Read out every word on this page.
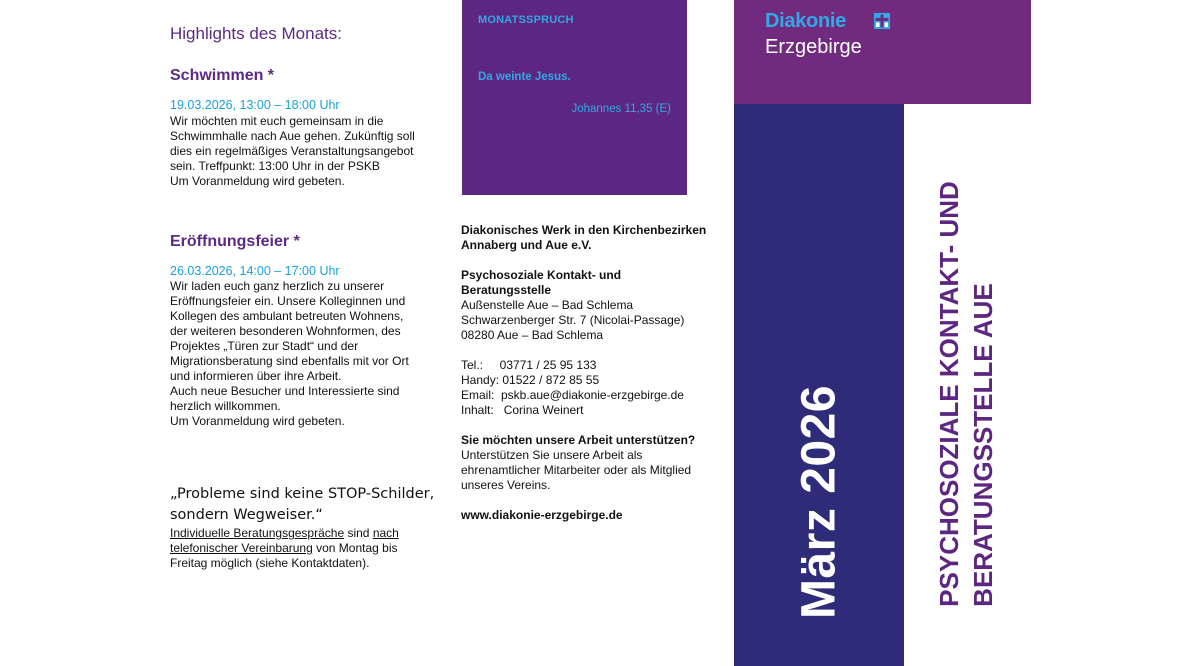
Highlights des Monats:
Schwimmen *
19.03.2026, 13:00 – 18:00 Uhr
Wir möchten mit euch gemeinsam in die
Schwimmhalle nach Aue gehen. Zukünftig soll
dies ein regelmäßiges Veranstaltungsangebot
sein. Treffpunkt: 13:00 Uhr in der PSKB
Um Voranmeldung wird gebeten.
Eröffnungsfeier *
26.03.2026, 14:00 – 17:00 Uhr
Wir laden euch ganz herzlich zu unserer
Eröffnungsfeier ein. Unsere Kolleginnen und
Kollegen des ambulant betreuten Wohnens,
der weiteren besonderen Wohnformen, des
Projektes „Türen zur Stadt“ und der
Migrationsberatung sind ebenfalls mit vor Ort
und informieren über ihre Arbeit.
Auch neue Besucher und Interessierte sind
herzlich willkommen.
Um Voranmeldung wird gebeten.
„Probleme sind keine STOP-Schilder,
sondern Wegweiser.“
Individuelle Beratungsgespräche sind nach
telefonischer Vereinbarung von Montag bis
Freitag möglich (siehe Kontaktdaten).
MONATSSPRUCH
Da weinte Jesus.
Johannes 11,35 (E)
Diakonisches Werk in den Kirchenbezirken
Annaberg und Aue e.V.
Psychosoziale Kontakt- und
Beratungsstelle
Außenstelle Aue – Bad Schlema
Schwarzenberger Str. 7 (Nicolai-Passage)
08280 Aue – Bad Schlema
Tel.:     03771 / 25 95 133
Handy: 01522 / 872 85 55
Email:  pskb.aue@diakonie-erzgebirge.de
Inhalt:   Corina Weinert
Sie möchten unsere Arbeit unterstützen?
Unterstützen Sie unsere Arbeit als
ehrenamtlicher Mitarbeiter oder als Mitglied
unseres Vereins.
www.diakonie-erzgebirge.de
Diakonie
Erzgebirge
März 2026	PSYCHOSOZIALE KONTAKT- UND BERATUNGSSTELLE AUE
